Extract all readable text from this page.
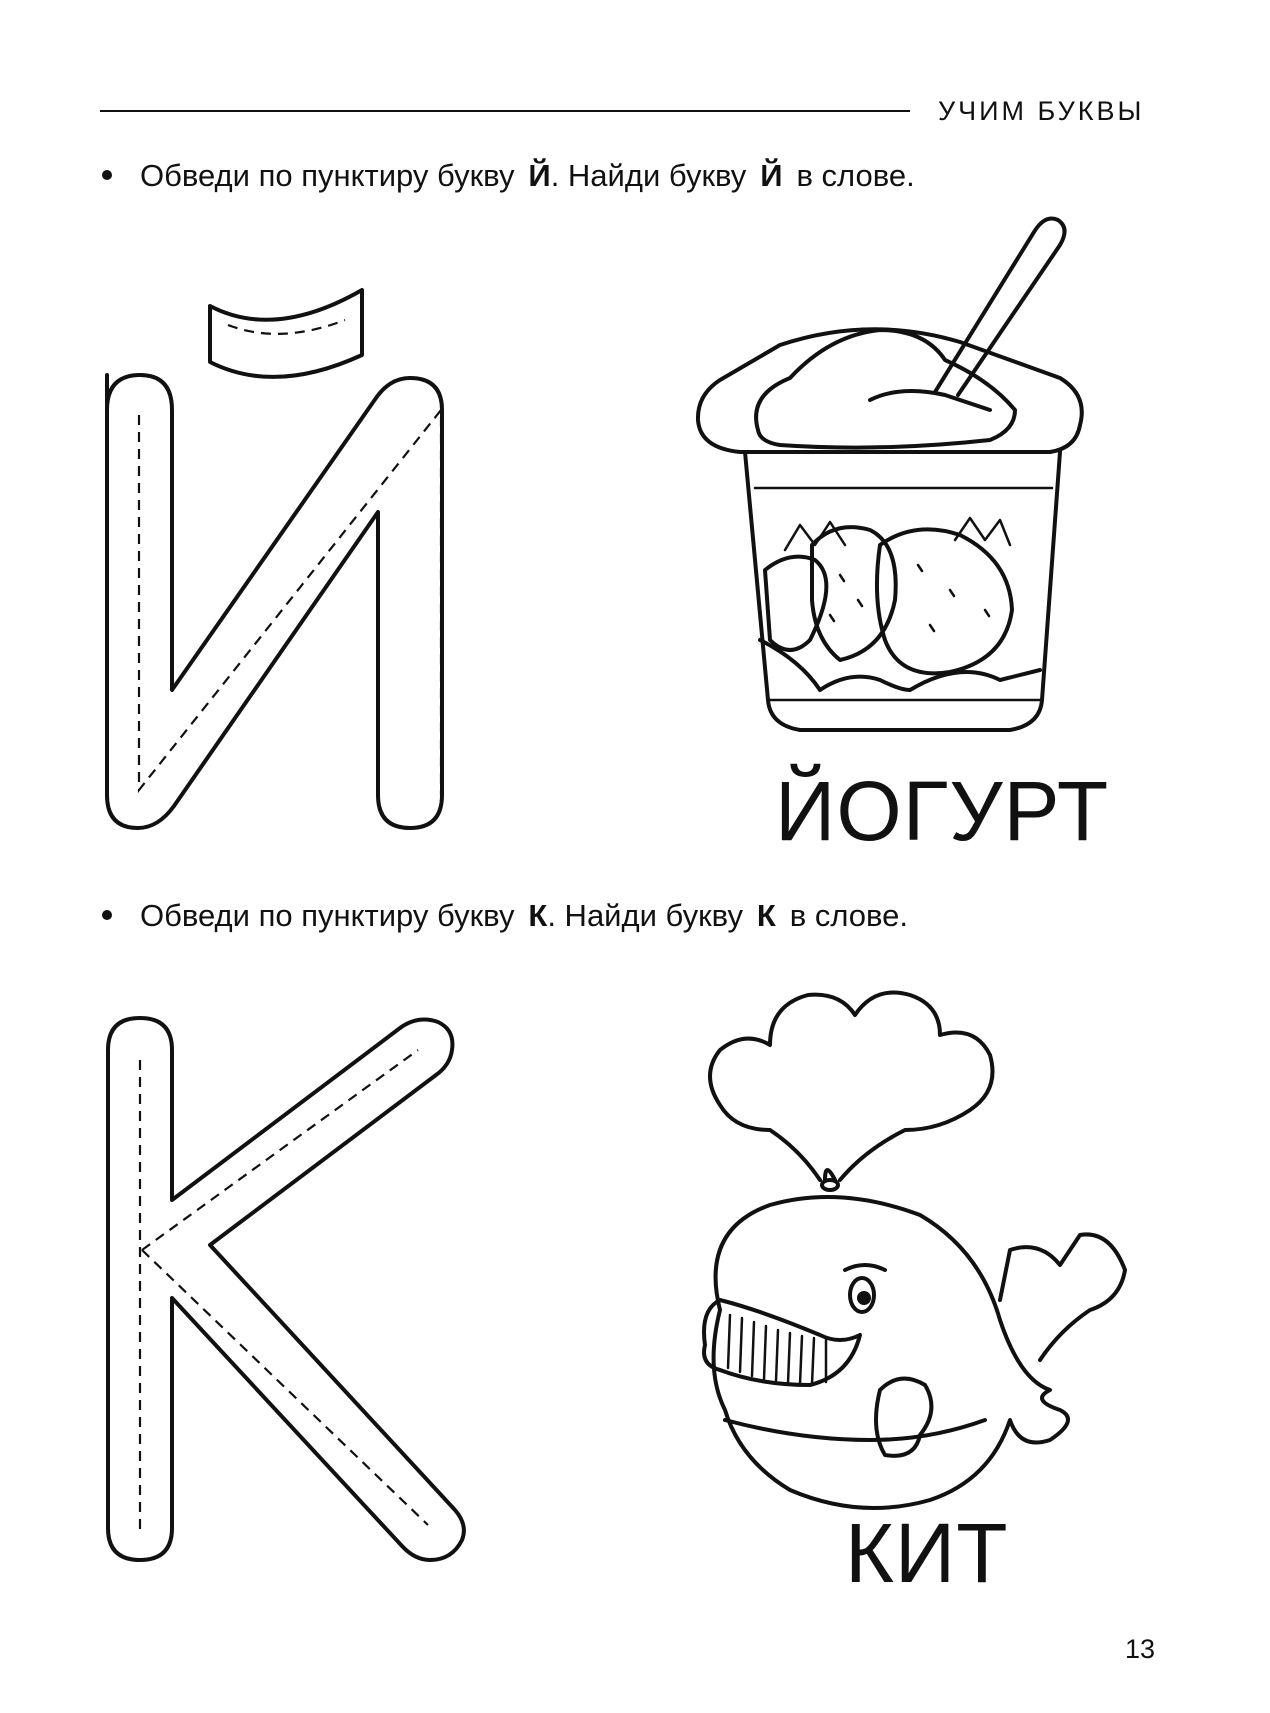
УЧИМ БУКВЫ
Обведи по пунктиру букву Й. Найди букву Й в слове.
Обведи по пунктиру букву К. Найди букву К в слове.
ЙОГУРТ
КИТ
13
